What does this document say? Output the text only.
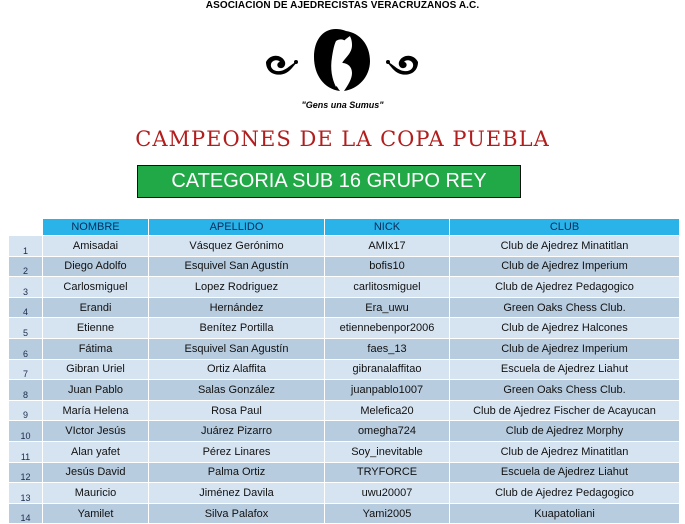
ASOCIACION DE AJEDRECISTAS VERACRUZANOS A.C.
"Gens una Sumus"
CAMPEONES DE LA COPA PUEBLA
CATEGORIA SUB 16 GRUPO REY
	NOMBRE	APELLIDO	NICK	CLUB
1	Amisadai	Vásquez Gerónimo	AMIx17	Club de Ajedrez Minatitlan
2	Diego Adolfo	Esquivel San Agustín	bofis10	Club de Ajedrez Imperium
3	Carlosmiguel	Lopez Rodriguez	carlitosmiguel	Club de Ajedrez Pedagogico
4	Erandi	Hernández	Era_uwu	Green Oaks Chess Club.
5	Etienne	Benítez Portilla	etiennebenpor2006	Club de Ajedrez Halcones
6	Fátima	Esquivel San Agustín	faes_13	Club de Ajedrez Imperium
7	Gibran Uriel	Ortiz Alaffita	gibranalaffitao	Escuela de Ajedrez Liahut
8	Juan Pablo	Salas González	juanpablo1007	Green Oaks Chess Club.
9	María Helena	Rosa Paul	Melefica20	Club de Ajedrez Fischer de Acayucan
10	VIctor Jesús	Juárez Pizarro	omegha724	Club de Ajedrez Morphy
11	Alan yafet	Pérez Linares	Soy_inevitable	Club de Ajedrez Minatitlan
12	Jesús David	Palma Ortiz	TRYFORCE	Escuela de Ajedrez Liahut
13	Mauricio	Jiménez Davila	uwu20007	Club de Ajedrez Pedagogico
14	Yamilet	Silva Palafox	Yami2005	Kuapatoliani
